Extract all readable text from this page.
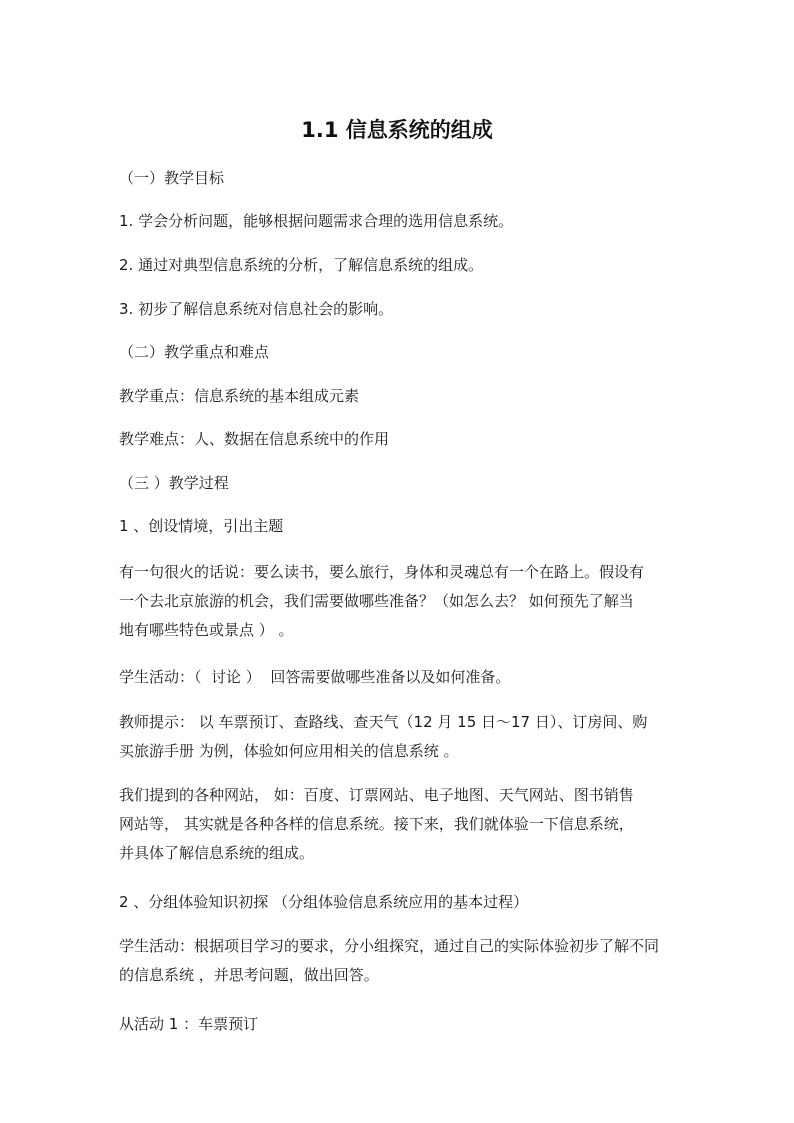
1.1 信息系统的组成
（一）教学目标
1. 学会分析问题，能够根据问题需求合理的选用信息系统。
2. 通过对典型信息系统的分析，了解信息系统的组成。
3. 初步了解信息系统对信息社会的影响。
（二）教学重点和难点
教学重点：信息系统的基本组成元素
教学难点：人、数据在信息系统中的作用
（三 ）教学过程
1 、创设情境，引出主题
有一句很火的话说：要么读书，要么旅行，身体和灵魂总有一个在路上。假设有
一个去北京旅游的机会，我们需要做哪些准备？（如怎么去？ 如何预先了解当
地有哪些特色或景点 ） 。
学生活动：（  讨论 ）  回答需要做哪些准备以及如何准备。
教师提示： 以 车票预订、查路线、查天气（12 月 15 日～17 日）、订房间、购
买旅游手册 为例，体验如何应用相关的信息系统 。
我们提到的各种网站， 如：百度、订票网站、电子地图、天气网站、图书销售
网站等， 其实就是各种各样的信息系统。接下来，我们就体验一下信息系统，
并具体了解信息系统的组成。
2 、分组体验知识初探 （分组体验信息系统应用的基本过程）
学生活动：根据项目学习的要求，分小组探究，通过自己的实际体验初步了解不同
的信息系统 ，并思考问题，做出回答。
从活动 1 ：车票预订
